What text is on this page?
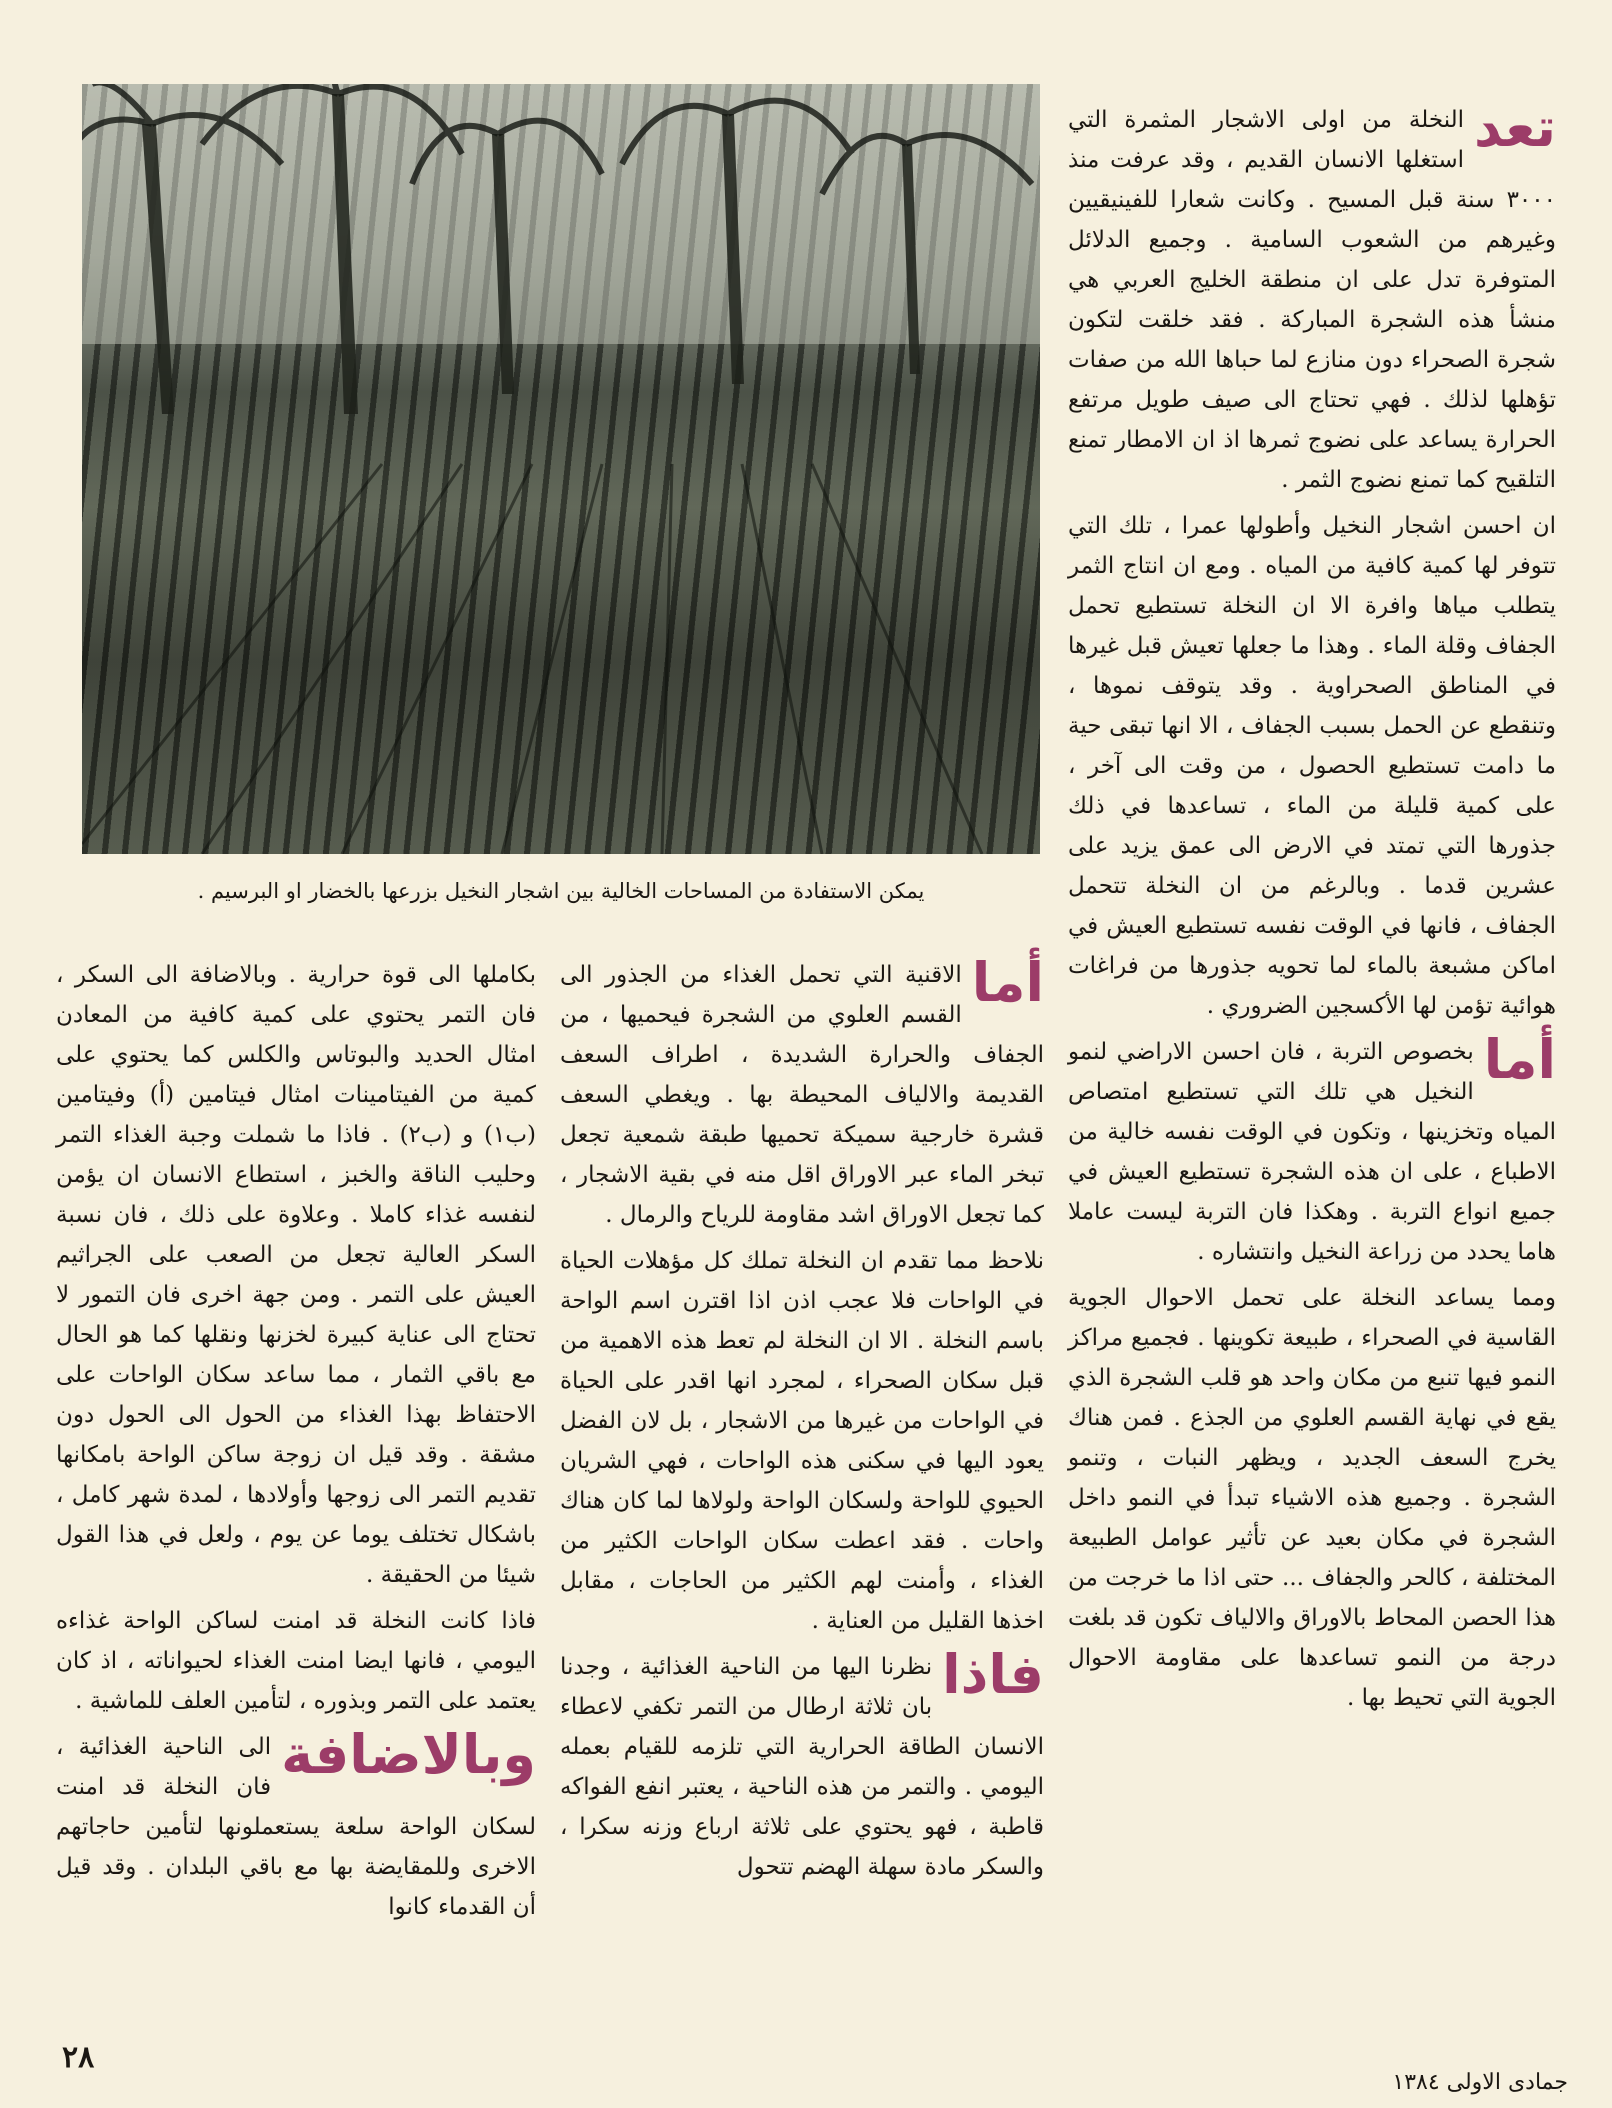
يمكن الاستفادة من المساحات الخالية بين اشجار النخيل بزرعها بالخضار او البرسيم .

تعد
النخلة من اولى الاشجار المثمرة التي استغلها الانسان القديم ، وقد عرفت منذ ٣٠٠٠ سنة قبل المسيح . وكانت شعارا للفينيقيين وغيرهم من الشعوب السامية . وجميع الدلائل المتوفرة تدل على ان منطقة الخليج العربي هي منشأ هذه الشجرة المباركة . فقد خلقت لتكون شجرة الصحراء دون منازع لما حباها الله من صفات تؤهلها لذلك . فهي تحتاج الى صيف طويل مرتفع الحرارة يساعد على نضوج ثمرها اذ ان الامطار تمنع التلقيح كما تمنع نضوج الثمر .

ان احسن اشجار النخيل وأطولها عمرا ، تلك التي تتوفر لها كمية كافية من المياه . ومع ان انتاج الثمر يتطلب مياها وافرة الا ان النخلة تستطيع تحمل الجفاف وقلة الماء . وهذا ما جعلها تعيش قبل غيرها في المناطق الصحراوية . وقد يتوقف نموها ، وتنقطع عن الحمل بسبب الجفاف ، الا انها تبقى حية ما دامت تستطيع الحصول ، من وقت الى آخر ، على كمية قليلة من الماء ، تساعدها في ذلك جذورها التي تمتد في الارض الى عمق يزيد على عشرين قدما . وبالرغم من ان النخلة تتحمل الجفاف ، فانها في الوقت نفسه تستطيع العيش في اماكن مشبعة بالماء لما تحويه جذورها من فراغات هوائية تؤمن لها الأكسجين الضروري .

أما
بخصوص التربة ، فان احسن الاراضي لنمو النخيل هي تلك التي تستطيع امتصاص المياه وتخزينها ، وتكون في الوقت نفسه خالية من الاطباع ، على ان هذه الشجرة تستطيع العيش في جميع انواع التربة . وهكذا فان التربة ليست عاملا هاما يحدد من زراعة النخيل وانتشاره .

ومما يساعد النخلة على تحمل الاحوال الجوية القاسية في الصحراء ، طبيعة تكوينها . فجميع مراكز النمو فيها تنبع من مكان واحد هو قلب الشجرة الذي يقع في نهاية القسم العلوي من الجذع . فمن هناك يخرج السعف الجديد ، ويظهر النبات ، وتنمو الشجرة . وجميع هذه الاشياء تبدأ في النمو داخل الشجرة في مكان بعيد عن تأثير عوامل الطبيعة المختلفة ، كالحر والجفاف ... حتى اذا ما خرجت من هذا الحصن المحاط بالاوراق والالياف تكون قد بلغت درجة من النمو تساعدها على مقاومة الاحوال الجوية التي تحيط بها .

أما
الاقنية التي تحمل الغذاء من الجذور الى القسم العلوي من الشجرة فيحميها ، من الجفاف والحرارة الشديدة ، اطراف السعف القديمة والالياف المحيطة بها . ويغطي السعف قشرة خارجية سميكة تحميها طبقة شمعية تجعل تبخر الماء عبر الاوراق اقل منه في بقية الاشجار ، كما تجعل الاوراق اشد مقاومة للرياح والرمال .

نلاحظ مما تقدم ان النخلة تملك كل مؤهلات الحياة في الواحات فلا عجب اذن اذا اقترن اسم الواحة باسم النخلة . الا ان النخلة لم تعط هذه الاهمية من قبل سكان الصحراء ، لمجرد انها اقدر على الحياة في الواحات من غيرها من الاشجار ، بل لان الفضل يعود اليها في سكنى هذه الواحات ، فهي الشريان الحيوي للواحة ولسكان الواحة ولولاها لما كان هناك واحات . فقد اعطت سكان الواحات الكثير من الغذاء ، وأمنت لهم الكثير من الحاجات ، مقابل اخذها القليل من العناية .

فاذا
نظرنا اليها من الناحية الغذائية ، وجدنا بان ثلاثة ارطال من التمر تكفي لاعطاء الانسان الطاقة الحرارية التي تلزمه للقيام بعمله اليومي . والتمر من هذه الناحية ، يعتبر انفع الفواكه قاطبة ، فهو يحتوي على ثلاثة ارباع وزنه سكرا ، والسكر مادة سهلة الهضم تتحول

بكاملها الى قوة حرارية . وبالاضافة الى السكر ، فان التمر يحتوي على كمية كافية من المعادن امثال الحديد والبوتاس والكلس كما يحتوي على كمية من الفيتامينات امثال فيتامين (أ) وفيتامين (ب١) و (ب٢) . فاذا ما شملت وجبة الغذاء التمر وحليب الناقة والخبز ، استطاع الانسان ان يؤمن لنفسه غذاء كاملا . وعلاوة على ذلك ، فان نسبة السكر العالية تجعل من الصعب على الجراثيم العيش على التمر . ومن جهة اخرى فان التمور لا تحتاج الى عناية كبيرة لخزنها ونقلها كما هو الحال مع باقي الثمار ، مما ساعد سكان الواحات على الاحتفاظ بهذا الغذاء من الحول الى الحول دون مشقة . وقد قيل ان زوجة ساكن الواحة بامكانها تقديم التمر الى زوجها وأولادها ، لمدة شهر كامل ، باشكال تختلف يوما عن يوم ، ولعل في هذا القول شيئا من الحقيقة .

فاذا كانت النخلة قد امنت لساكن الواحة غذاءه اليومي ، فانها ايضا امنت الغذاء لحيواناته ، اذ كان يعتمد على التمر وبذوره ، لتأمين العلف للماشية .

وبالاضافة
الى الناحية الغذائية ، فان النخلة قد امنت لسكان الواحة سلعة يستعملونها لتأمين حاجاتهم الاخرى وللمقايضة بها مع باقي البلدان . وقد قيل أن القدماء كانوا

٢٨
جمادى الاولى ١٣٨٤
